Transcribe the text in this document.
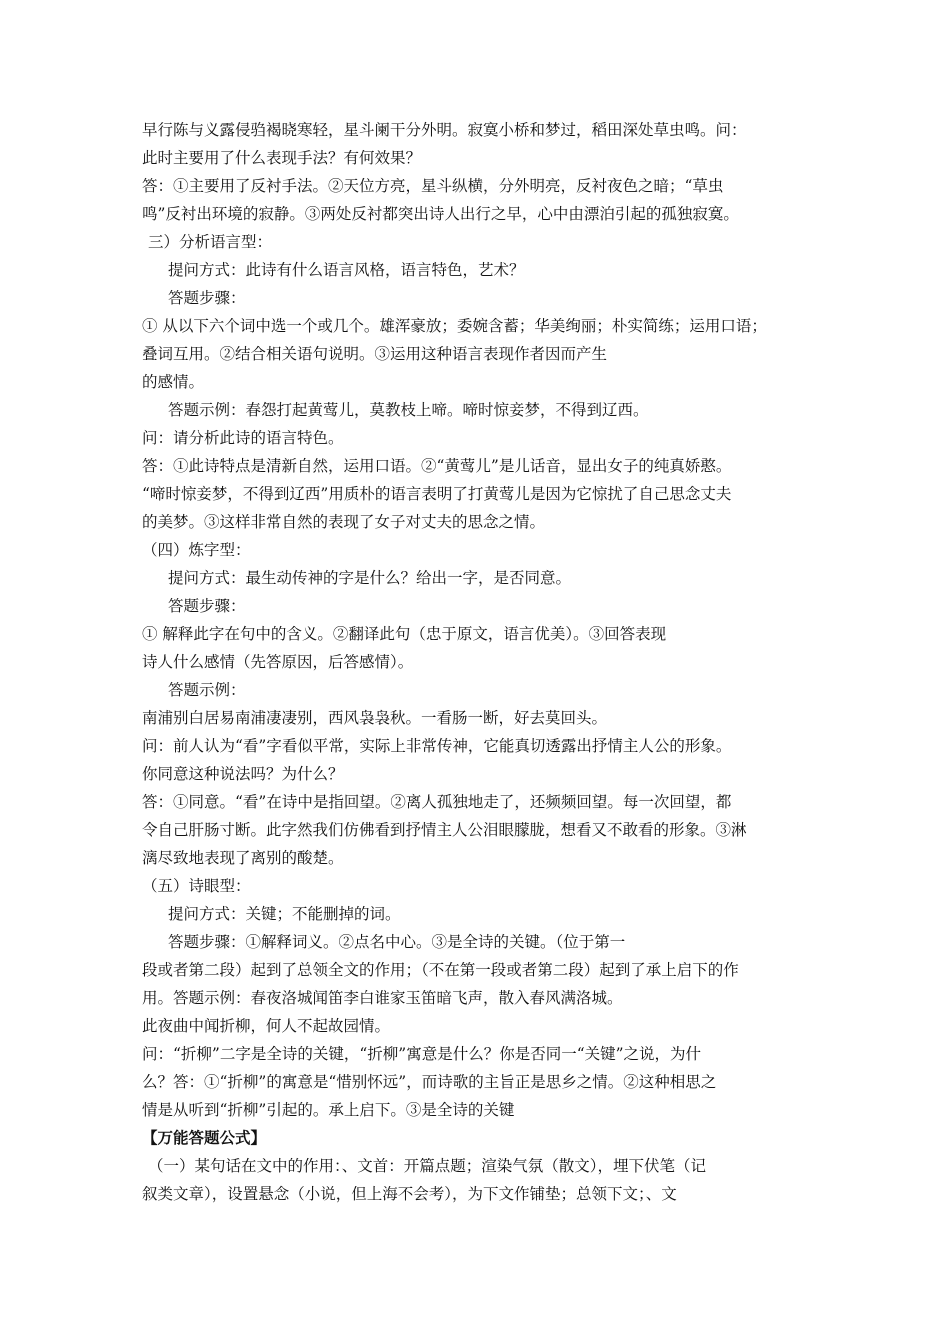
早行陈与义露侵驺褐晓寒轻，星斗阑干分外明。寂寞小桥和梦过，稻田深处草虫鸣。问：
此时主要用了什么表现手法？有何效果？
答：①主要用了反衬手法。②天位方亮，星斗纵横，分外明亮，反衬夜色之暗；“草虫
鸣”反衬出环境的寂静。③两处反衬都突出诗人出行之早，心中由漂泊引起的孤独寂寞。
三）分析语言型：
提问方式：此诗有什么语言风格，语言特色，艺术？
答题步骤：
① 从以下六个词中选一个或几个。雄浑豪放；委婉含蓄；华美绚丽；朴实简练；运用口语；
叠词互用。②结合相关语句说明。③运用这种语言表现作者因而产生
的感情。
答题示例：春怨打起黄莺儿，莫教枝上啼。啼时惊妾梦，不得到辽西。
问：请分析此诗的语言特色。
答：①此诗特点是清新自然，运用口语。②“黄莺儿”是儿话音，显出女子的纯真娇憨。
“啼时惊妾梦，不得到辽西”用质朴的语言表明了打黄莺儿是因为它惊扰了自己思念丈夫
的美梦。③这样非常自然的表现了女子对丈夫的思念之情。
（四）炼字型：
提问方式：最生动传神的字是什么？给出一字，是否同意。
答题步骤：
① 解释此字在句中的含义。②翻译此句（忠于原文，语言优美）。③回答表现
诗人什么感情（先答原因，后答感情）。
答题示例：
南浦别白居易南浦凄凄别，西风袅袅秋。一看肠一断，好去莫回头。
问：前人认为“看”字看似平常，实际上非常传神，它能真切透露出抒情主人公的形象。
你同意这种说法吗？为什么？
答：①同意。“看”在诗中是指回望。②离人孤独地走了，还频频回望。每一次回望，都
令自己肝肠寸断。此字然我们仿佛看到抒情主人公泪眼朦胧，想看又不敢看的形象。③淋
漓尽致地表现了离别的酸楚。
（五）诗眼型：
提问方式：关键；不能删掉的词。
答题步骤：①解释词义。②点名中心。③是全诗的关键。（位于第一
段或者第二段）起到了总领全文的作用；（不在第一段或者第二段）起到了承上启下的作
用。答题示例：春夜洛城闻笛李白谁家玉笛暗飞声，散入春风满洛城。
此夜曲中闻折柳，何人不起故园情。
问：“折柳”二字是全诗的关键，“折柳”寓意是什么？你是否同一“关键”之说，为什
么？答：①“折柳”的寓意是“惜别怀远”，而诗歌的主旨正是思乡之情。②这种相思之
情是从听到“折柳”引起的。承上启下。③是全诗的关键
【万能答题公式】
（一）某句话在文中的作用：、文首：开篇点题；渲染气氛（散文），埋下伏笔（记
叙类文章），设置悬念（小说，但上海不会考），为下文作铺垫；总领下文；、文
